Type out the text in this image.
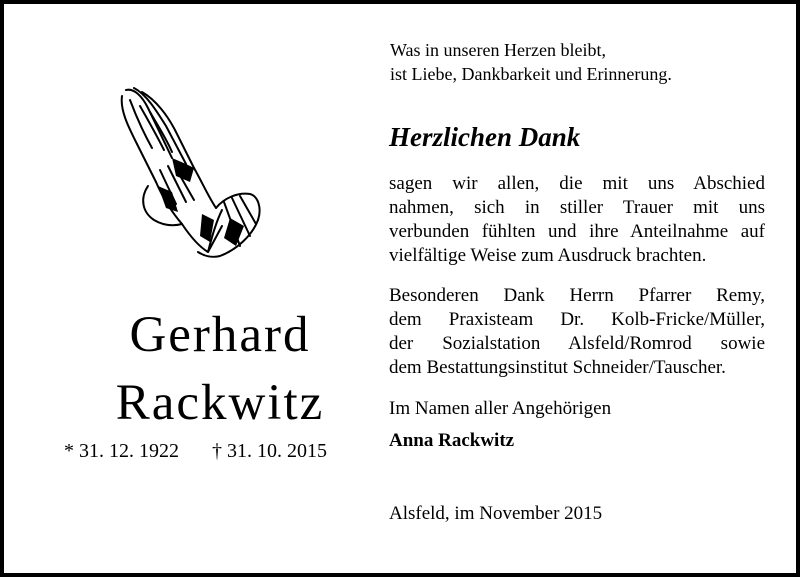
Gerhard
Rackwitz
* 31. 12. 1922 † 31. 10. 2015
Was in unseren Herzen bleibt,
ist Liebe, Dankbarkeit und Erinnerung.
Herzlichen Dank
sagen wir allen, die mit uns Abschied
nahmen, sich in stiller Trauer mit uns
verbunden fühlten und ihre Anteilnahme auf
vielfältige Weise zum Ausdruck brachten.
Besonderen Dank Herrn Pfarrer Remy,
dem Praxisteam Dr. Kolb-Fricke/Müller,
der Sozialstation Alsfeld/Romrod sowie
dem Bestattungsinstitut Schneider/Tauscher.
Im Namen aller Angehörigen
Anna Rackwitz
Alsfeld, im November 2015
